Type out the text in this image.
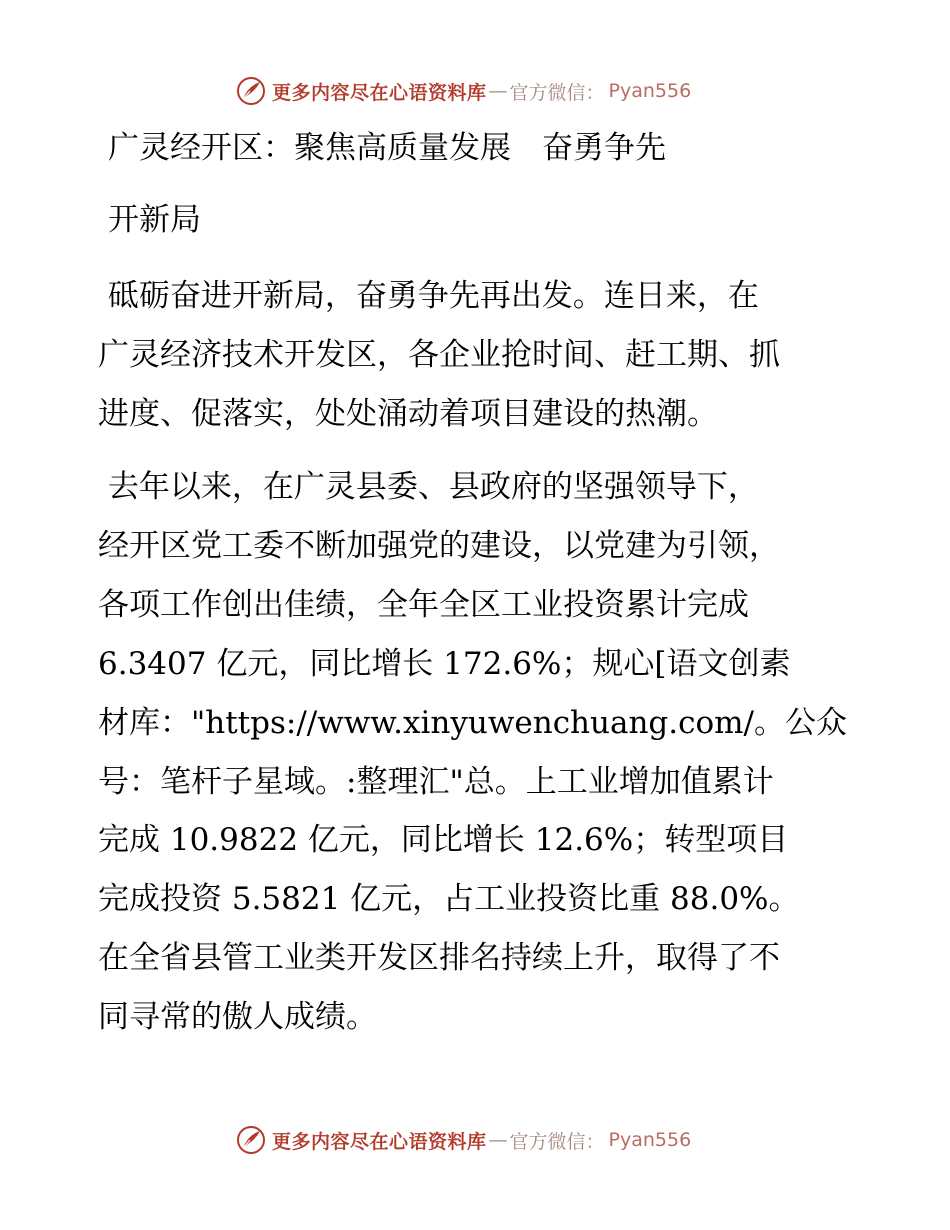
更多内容尽在心语资料库 — 官方微信： Pyan556
广灵经开区：聚焦高质量发展　奋勇争先
开新局
砥砺奋进开新局，奋勇争先再出发。连日来，在
广灵经济技术开发区，各企业抢时间、赶工期、抓
进度、促落实，处处涌动着项目建设的热潮。
去年以来，在广灵县委、县政府的坚强领导下，
经开区党工委不断加强党的建设，以党建为引领，
各项工作创出佳绩，全年全区工业投资累计完成
6.3407 亿元，同比增长 172.6%；规心[语文创素
材库："https://www.xinyuwenchuang.com/。公众
号：笔杆子星域。:整理汇"总。上工业增加值累计
完成 10.9822 亿元，同比增长 12.6%；转型项目
完成投资 5.5821 亿元，占工业投资比重 88.0%。
在全省县管工业类开发区排名持续上升，取得了不
同寻常的傲人成绩。
更多内容尽在心语资料库 — 官方微信： Pyan556
